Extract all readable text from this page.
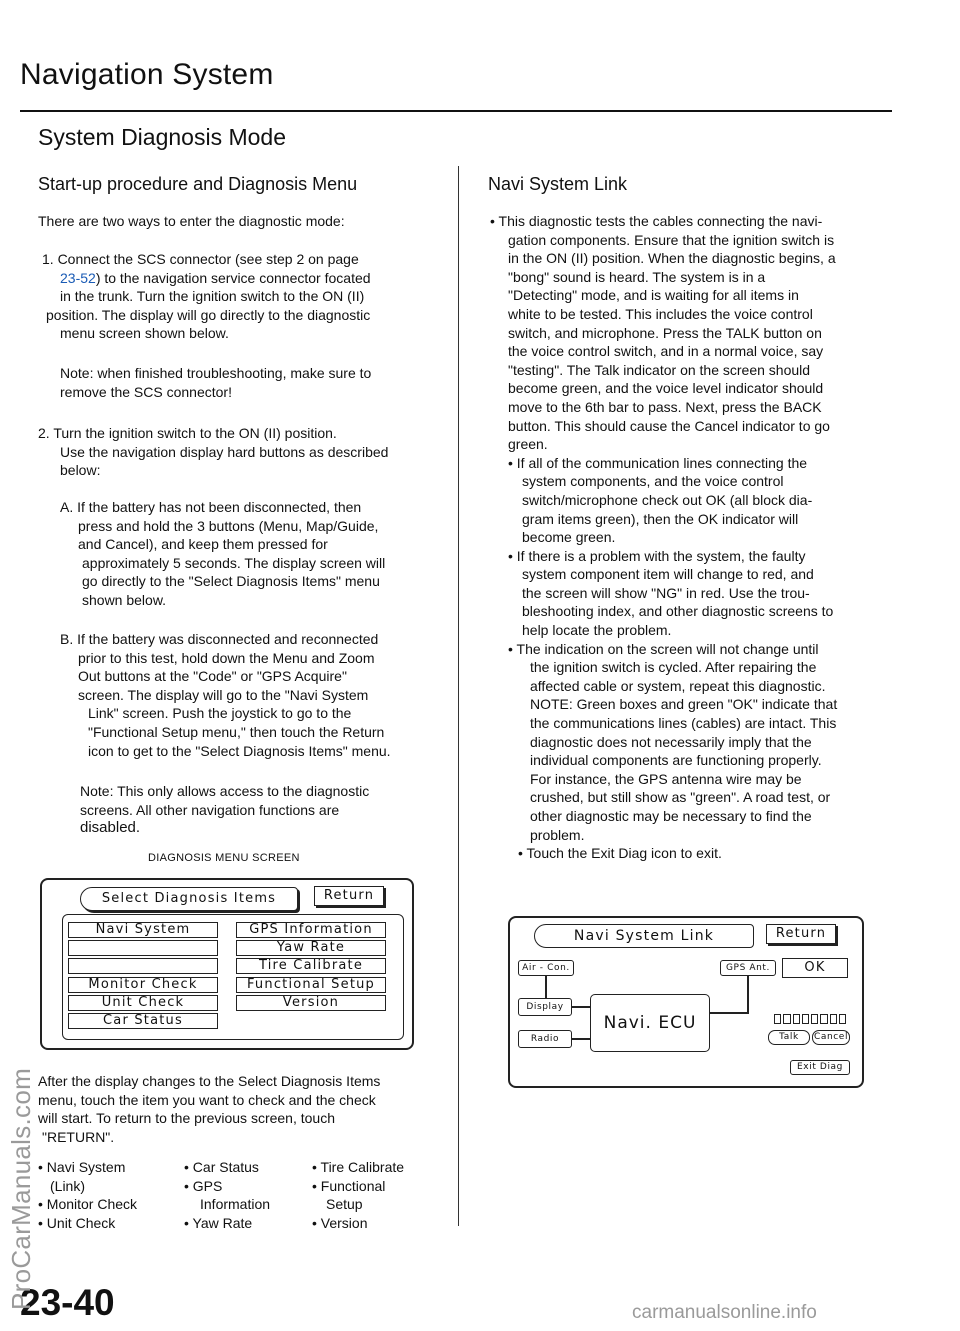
Navigation System
System Diagnosis Mode
Start-up procedure and Diagnosis Menu
There are two ways to enter the diagnostic mode:
1. Connect the SCS connector (see step 2 on page
23-52) to the navigation service connector focated
in the trunk. Turn the ignition switch to the ON (II)
position. The display will go directly to the diagnostic
menu screen shown below.
Note: when finished troubleshooting, make sure to
remove the SCS connector!
2. Turn the ignition switch to the ON (II) position.
Use the navigation display hard buttons as described
below:
A. If the battery has not been disconnected, then
press and hold the 3 buttons (Menu, Map/Guide,
and Cancel), and keep them pressed for
approximately 5 seconds. The display screen will
go directly to the "Select Diagnosis Items" menu
shown below.
B. If the battery was disconnected and reconnected
prior to this test, hold down the Menu and Zoom
Out buttons at the "Code" or "GPS Acquire"
screen. The display will go to the "Navi System
Link" screen. Push the joystick to go to the
"Functional Setup menu," then touch the Return
icon to get to the "Select Diagnosis Items" menu.
Note: This only allows access to the diagnostic
screens. All other navigation functions are
disabled.
DIAGNOSIS MENU SCREEN
Select Diagnosis Items	Return
Navi System
Monitor Check
Unit Check
Car Status
GPS Information
Yaw Rate
Tire Calibrate
Functional Setup
Version
After the display changes to the Select Diagnosis Items
menu, touch the item you want to check and the check
will start. To return to the previous screen, touch
"RETURN".
• Navi System
(Link)
• Monitor Check
• Unit Check
• Car Status
• GPS
Information
• Yaw Rate
• Tire Calibrate
• Functional
Setup
• Version
Navi System Link
• This diagnostic tests the cables connecting the navi-
gation components. Ensure that the ignition switch is
in the ON (II) position. When the diagnostic begins, a
"bong" sound is heard. The system is in a
"Detecting" mode, and is waiting for all items in
white to be tested. This includes the voice control
switch, and microphone. Press the TALK button on
the voice control switch, and in a normal voice, say
"testing". The Talk indicator on the screen should
become green, and the voice level indicator should
move to the 6th bar to pass. Next, press the BACK
button. This should cause the Cancel indicator to go
green.
• If all of the communication lines connecting the
system components, and the voice control
switch/microphone check out OK (all block dia-
gram items green), then the OK indicator will
become green.
• If there is a problem with the system, the faulty
system component item will change to red, and
the screen will show "NG" in red. Use the trou-
bleshooting index, and other diagnostic screens to
help locate the problem.
• The indication on the screen will not change until
the ignition switch is cycled. After repairing the
affected cable or system, repeat this diagnostic.
NOTE: Green boxes and green "OK" indicate that
the communications lines (cables) are intact. This
diagnostic does not necessarily imply that the
individual components are functioning properly.
For instance, the GPS antenna wire may be
crushed, but still show as "green". A road test, or
other diagnostic may be necessary to find the
problem.
• Touch the Exit Diag icon to exit.
Navi System Link	Return
Air - Con.	GPS Ant.	OK
Display
Radio
Navi. ECU
Talk	Cancel
Exit Diag
23-40
ProCarManuals.com
carmanualsonline.info
